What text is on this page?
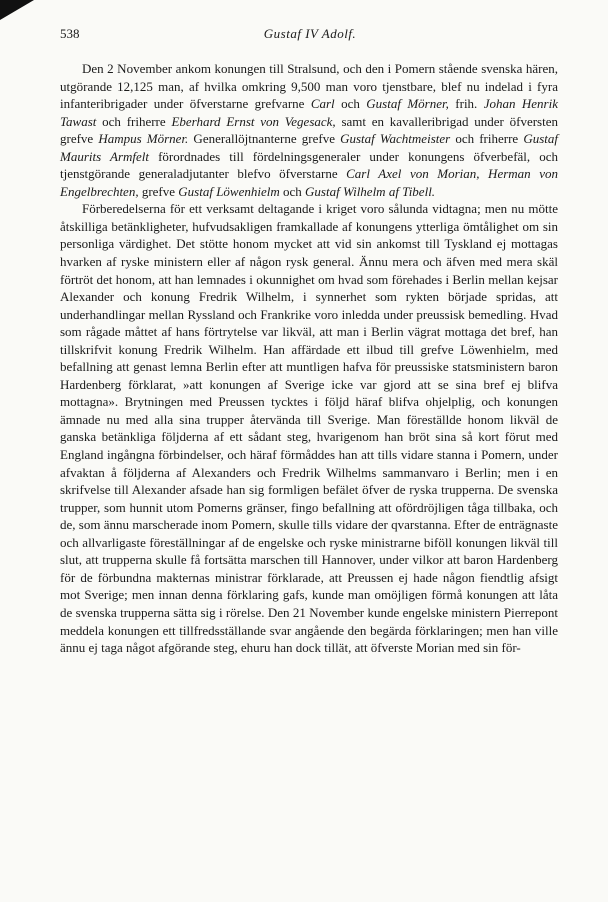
538	Gustaf IV Adolf.

Den 2 November ankom konungen till Stralsund, och den i Pomern stående svenska hären, utgörande 12,125 man, af hvilka omkring 9,500 man voro tjenstbare, blef nu indelad i fyra infanteribrigader under öfverstarne grefvarne Carl och Gustaf Mörner, frih. Johan Henrik Tawast och friherre Eberhard Ernst von Vegesack, samt en kavalleribrigad under öfversten grefve Hampus Mörner. Generallöjtnanterne grefve Gustaf Wachtmeister och friherre Gustaf Maurits Armfelt förordnades till fördelningsgeneraler under konungens öfverbefäl, och tjenstgörande generaladjutanter blefvo öfverstarne Carl Axel von Morian, Herman von Engelbrechten, grefve Gustaf Löwenhielm och Gustaf Wilhelm af Tibell.

Förberedelserna för ett verksamt deltagande i kriget voro sålunda vidtagna; men nu mötte åtskilliga betänkligheter, hufvudsakligen framkallade af konungens ytterliga ömtålighet om sin personliga värdighet. Det stötte honom mycket att vid sin ankomst till Tyskland ej mottagas hvarken af ryske ministern eller af någon rysk general. Ännu mera och äfven med mera skäl förtröt det honom, att han lemnades i okunnighet om hvad som förehades i Berlin mellan kejsar Alexander och konung Fredrik Wilhelm, i synnerhet som rykten började spridas, att underhandlingar mellan Ryssland och Frankrike voro inledda under preussisk bemedling. Hvad som rågade måttet af hans förtrytelse var likväl, att man i Berlin vägrat mottaga det bref, han tillskrifvit konung Fredrik Wilhelm. Han affärdade ett ilbud till grefve Löwenhielm, med befallning att genast lemna Berlin efter att muntligen hafva för preussiske statsministern baron Hardenberg förklarat, »att konungen af Sverige icke var gjord att se sina bref ej blifva mottagna». Brytningen med Preussen tycktes i följd häraf blifva ohjelplig, och konungen ämnade nu med alla sina trupper återvända till Sverige. Man föreställde honom likväl de ganska betänkliga följderna af ett sådant steg, hvarigenom han bröt sina så kort förut med England ingångna förbindelser, och häraf förmåddes han att tills vidare stanna i Pomern, under afvaktan å följderna af Alexanders och Fredrik Wilhelms sammanvaro i Berlin; men i en skrifvelse till Alexander afsade han sig formligen befälet öfver de ryska trupperna. De svenska trupper, som hunnit utom Pomerns gränser, fingo befallning att ofördröjligen tåga tillbaka, och de, som ännu marscherade inom Pomern, skulle tills vidare der qvarstanna. Efter de enträgnaste och allvarligaste föreställningar af de engelske och ryske ministrarne biföll konungen likväl till slut, att trupperna skulle få fortsätta marschen till Hannover, under vilkor att baron Hardenberg för de förbundna makternas ministrar förklarade, att Preussen ej hade någon fiendtlig afsigt mot Sverige; men innan denna förklaring gafs, kunde man omöjligen förmå konungen att låta de svenska trupperna sätta sig i rörelse. Den 21 November kunde engelske ministern Pierrepont meddela konungen ett tillfredsställande svar angående den begärda förklaringen; men han ville ännu ej taga något afgörande steg, ehuru han dock tillät, att öfverste Morian med sin för-
